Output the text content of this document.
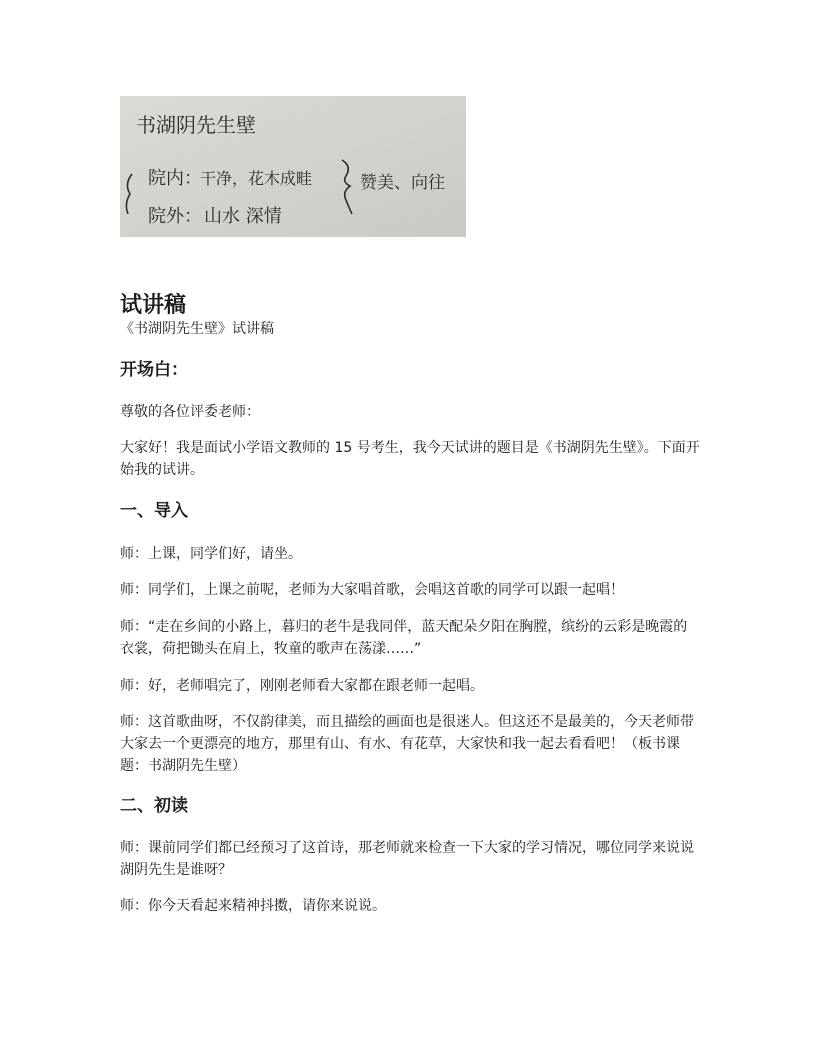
书湖阴先生壁
院内：
干净，花木成畦
院外： 山水 深情
赞美、向往
试讲稿

《书湖阴先生壁》试讲稿

开场白：

尊敬的各位评委老师：

大家好！我是面试小学语文教师的 15 号考生，我今天试讲的题目是《书湖阴先生壁》。下面开始我的试讲。

一、导入

师：上课，同学们好，请坐。

师：同学们，上课之前呢，老师为大家唱首歌，会唱这首歌的同学可以跟一起唱！

师：“走在乡间的小路上，暮归的老牛是我同伴，蓝天配朵夕阳在胸膛，缤纷的云彩是晚霞的衣裳，荷把锄头在肩上，牧童的歌声在荡漾……”

师：好，老师唱完了，刚刚老师看大家都在跟老师一起唱。

师：这首歌曲呀，不仅韵律美，而且描绘的画面也是很迷人。但这还不是最美的，今天老师带大家去一个更漂亮的地方，那里有山、有水、有花草，大家快和我一起去看看吧！（板书课题：书湖阴先生壁）

二、初读

师：课前同学们都已经预习了这首诗，那老师就来检查一下大家的学习情况，哪位同学来说说湖阴先生是谁呀？

师：你今天看起来精神抖擞，请你来说说。
